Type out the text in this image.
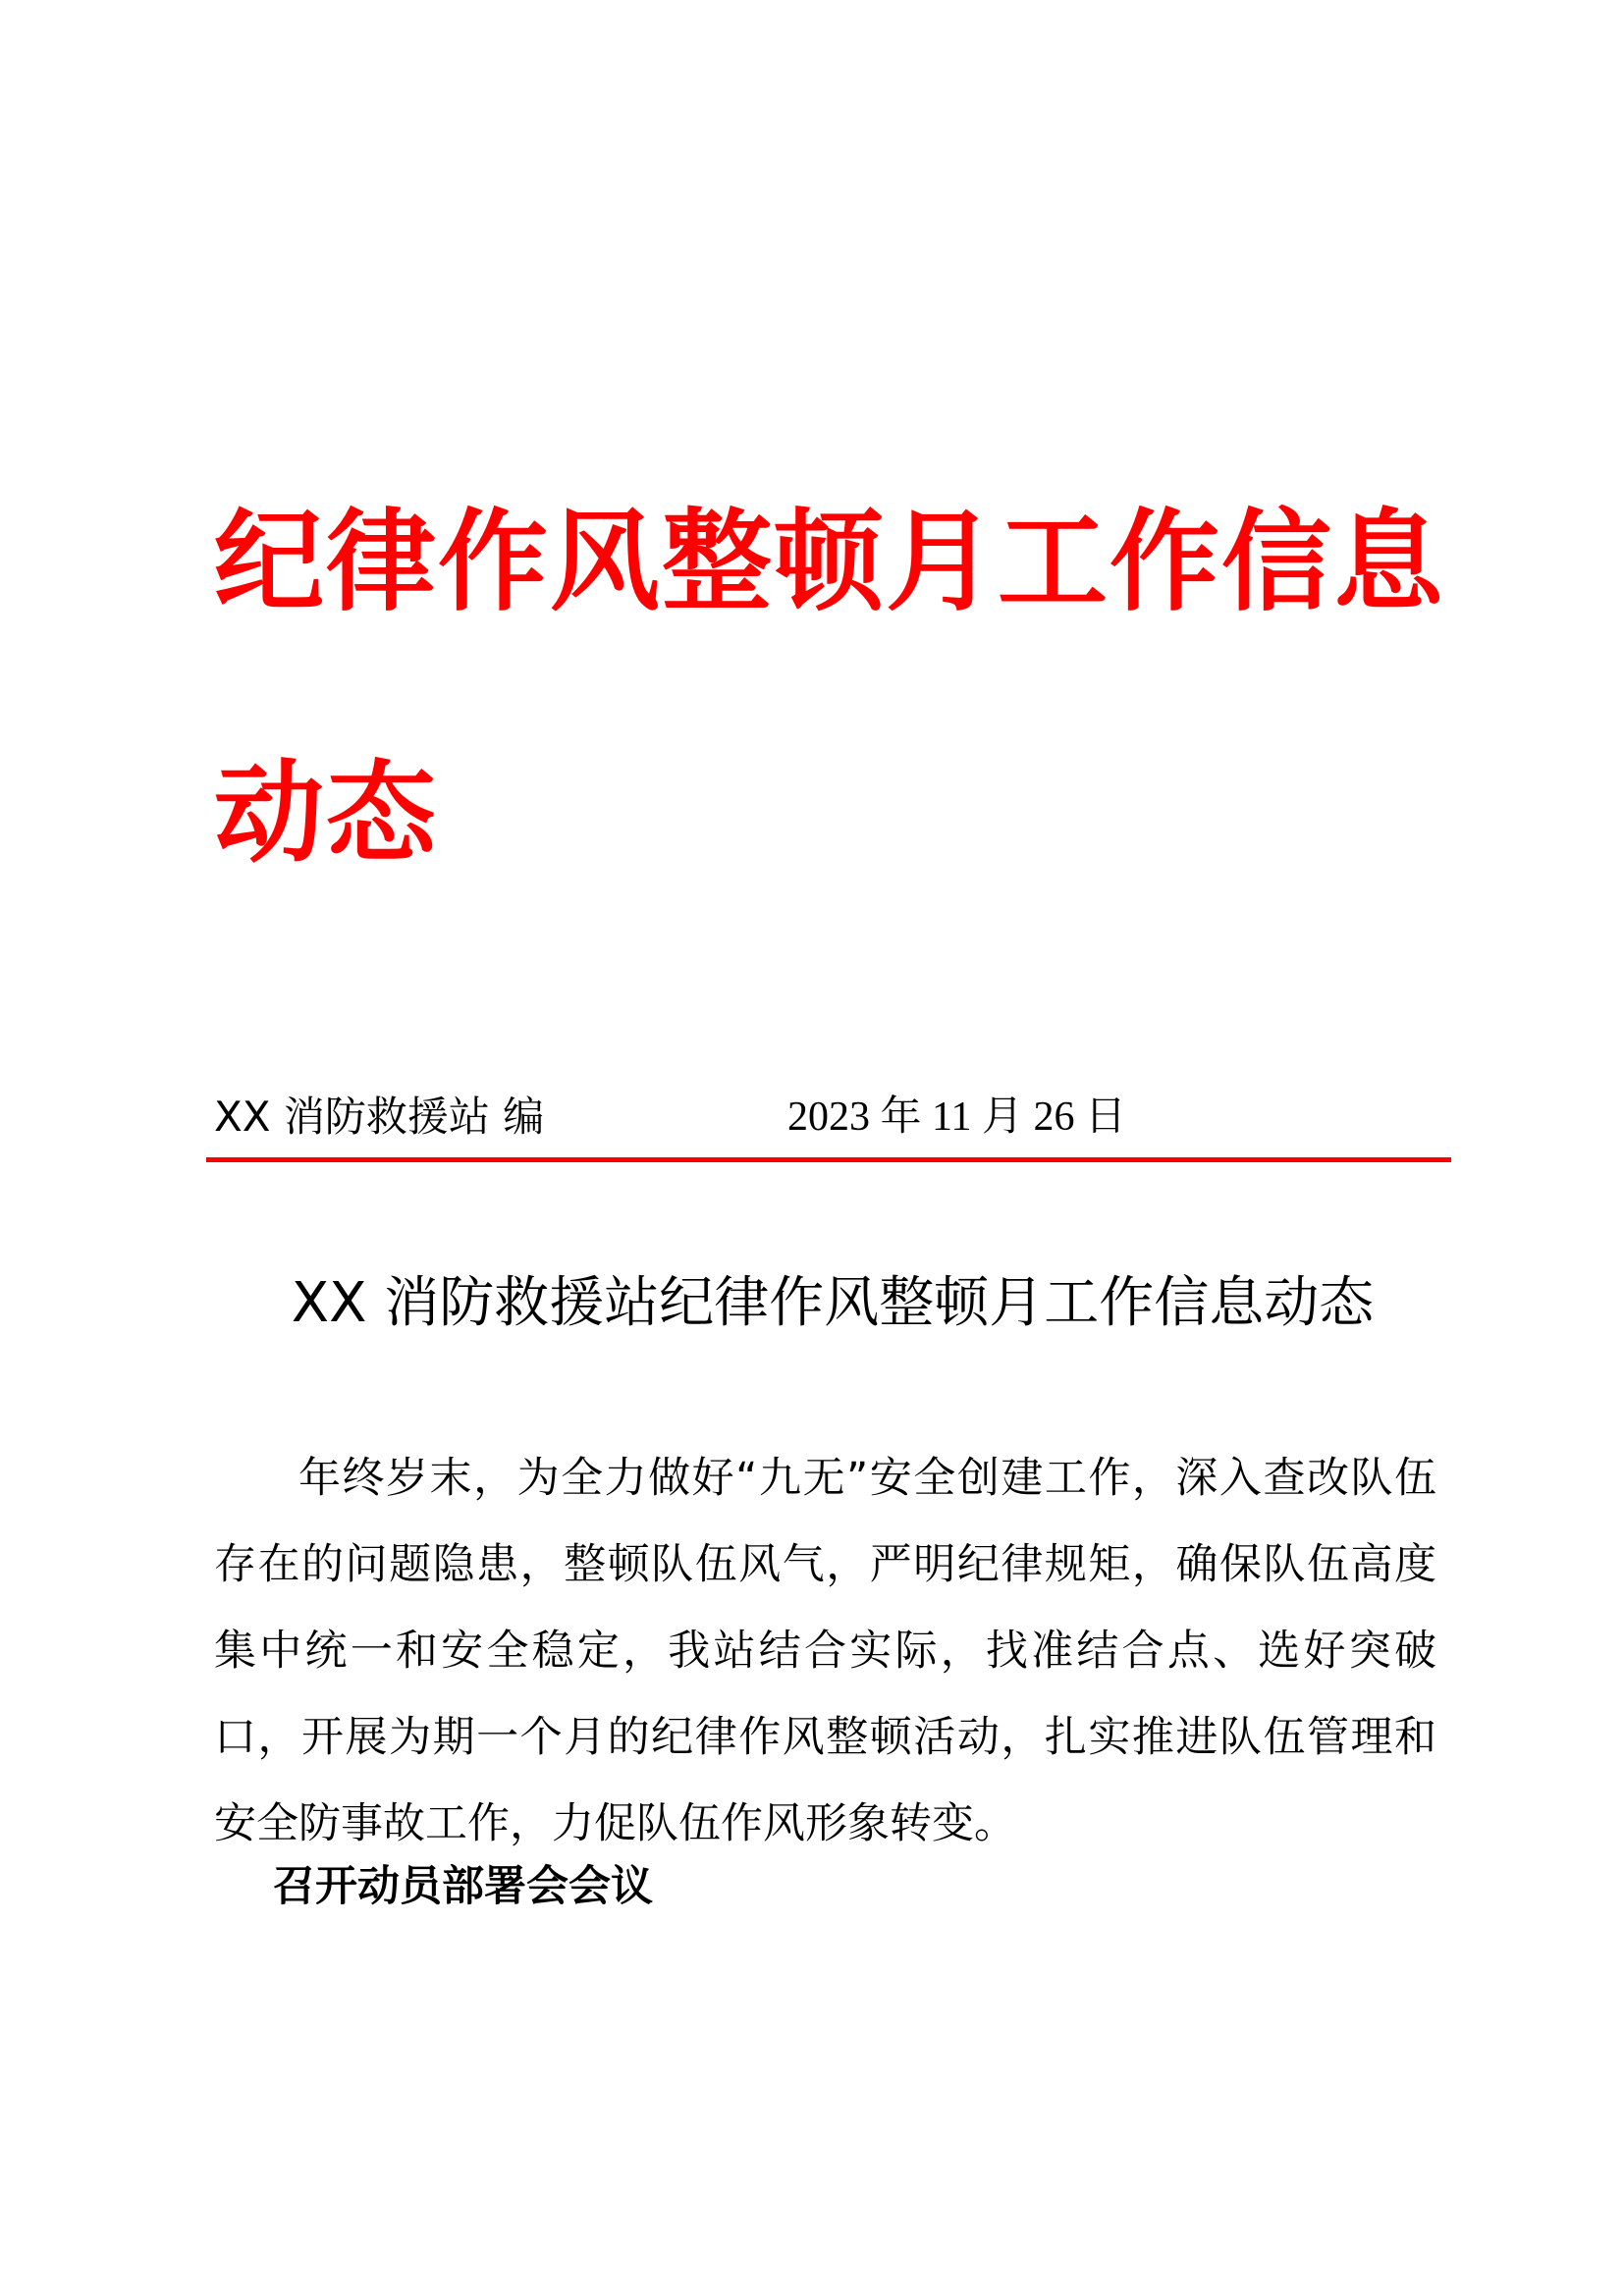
纪律作风整顿月工作信息动态
XX 消防救援站 编	2023 年 11 月 26 日
XX 消防救援站纪律作风整顿月工作信息动态

年终岁末，为全力做好“九无”安全创建工作，深入查改队伍存在的问题隐患，整顿队伍风气，严明纪律规矩，确保队伍高度集中统一和安全稳定，我站结合实际，找准结合点、选好突破口，开展为期一个月的纪律作风整顿活动，扎实推进队伍管理和安全防事故工作，力促队伍作风形象转变。

召开动员部署会会议
